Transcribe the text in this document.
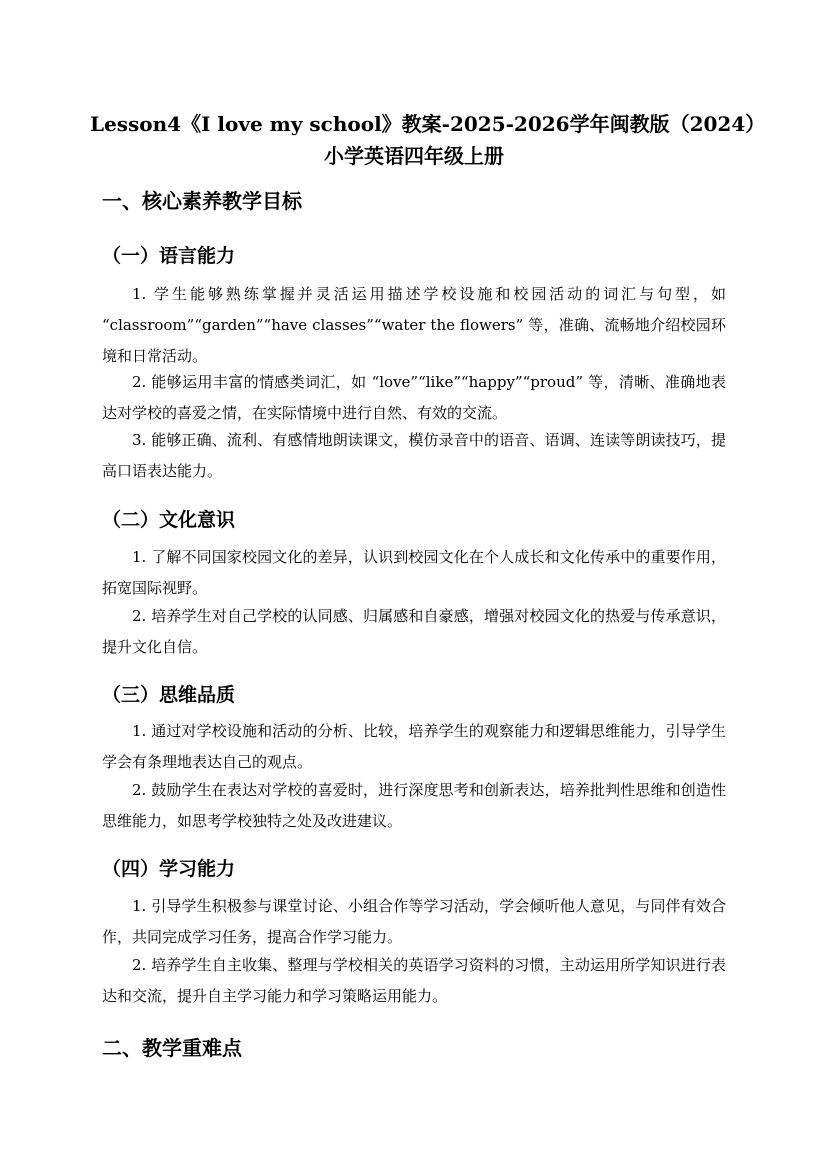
Lesson4《I love my school》教案-2025-2026学年闽教版（2024）
小学英语四年级上册
一、核心素养教学目标
（一）语言能力
1. 学生能够熟练掌握并灵活运用描述学校设施和校园活动的词汇与句型，如 “classroom”“garden”“have classes”“water the flowers” 等，准确、流畅地介绍校园环境和日常活动。
2. 能够运用丰富的情感类词汇，如 “love”“like”“happy”“proud” 等，清晰、准确地表达对学校的喜爱之情，在实际情境中进行自然、有效的交流。
3. 能够正确、流利、有感情地朗读课文，模仿录音中的语音、语调、连读等朗读技巧，提高口语表达能力。
（二）文化意识
1. 了解不同国家校园文化的差异，认识到校园文化在个人成长和文化传承中的重要作用，拓宽国际视野。
2. 培养学生对自己学校的认同感、归属感和自豪感，增强对校园文化的热爱与传承意识，提升文化自信。
（三）思维品质
1. 通过对学校设施和活动的分析、比较，培养学生的观察能力和逻辑思维能力，引导学生学会有条理地表达自己的观点。
2. 鼓励学生在表达对学校的喜爱时，进行深度思考和创新表达，培养批判性思维和创造性思维能力，如思考学校独特之处及改进建议。
（四）学习能力
1. 引导学生积极参与课堂讨论、小组合作等学习活动，学会倾听他人意见，与同伴有效合作，共同完成学习任务，提高合作学习能力。
2. 培养学生自主收集、整理与学校相关的英语学习资料的习惯，主动运用所学知识进行表达和交流，提升自主学习能力和学习策略运用能力。
二、教学重难点
